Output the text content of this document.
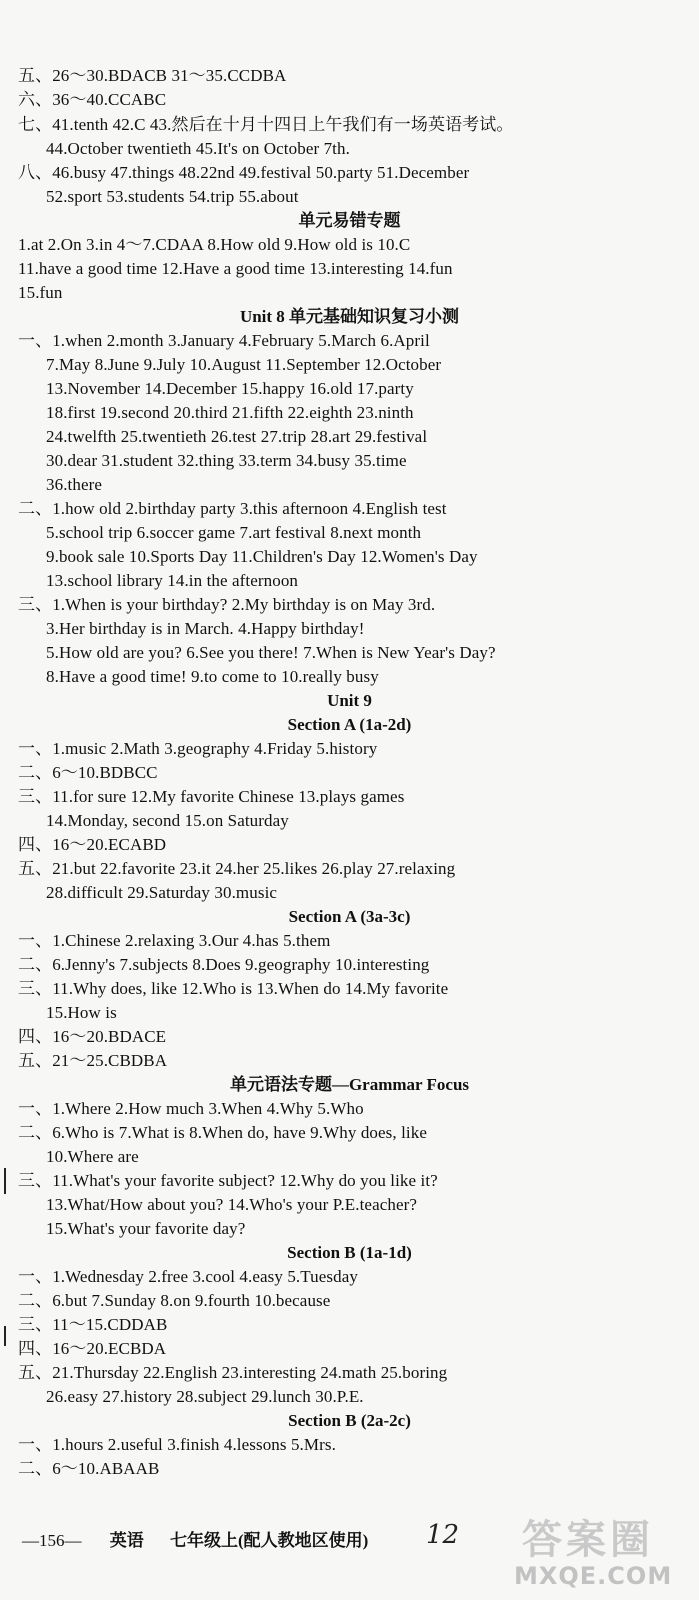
五、26～30.BDACB 31～35.CCDBA
六、36～40.CCABC
七、41.tenth 42.C 43.然后在十月十四日上午我们有一场英语考试。
44.October twentieth 45.It's on October 7th.
八、46.busy 47.things 48.22nd 49.festival 50.party 51.December
52.sport 53.students 54.trip 55.about
单元易错专题
1.at 2.On 3.in 4～7.CDAA 8.How old 9.How old is 10.C
11.have a good time 12.Have a good time 13.interesting 14.fun
15.fun
Unit 8 单元基础知识复习小测
一、1.when 2.month 3.January 4.February 5.March 6.April
7.May 8.June 9.July 10.August 11.September 12.October
13.November 14.December 15.happy 16.old 17.party
18.first 19.second 20.third 21.fifth 22.eighth 23.ninth
24.twelfth 25.twentieth 26.test 27.trip 28.art 29.festival
30.dear 31.student 32.thing 33.term 34.busy 35.time
36.there
二、1.how old 2.birthday party 3.this afternoon 4.English test
5.school trip 6.soccer game 7.art festival 8.next month
9.book sale 10.Sports Day 11.Children's Day 12.Women's Day
13.school library 14.in the afternoon
三、1.When is your birthday? 2.My birthday is on May 3rd.
3.Her birthday is in March. 4.Happy birthday!
5.How old are you? 6.See you there! 7.When is New Year's Day?
8.Have a good time! 9.to come to 10.really busy
Unit 9
Section A (1a-2d)
一、1.music 2.Math 3.geography 4.Friday 5.history
二、6～10.BDBCC
三、11.for sure 12.My favorite Chinese 13.plays games
14.Monday, second 15.on Saturday
四、16～20.ECABD
五、21.but 22.favorite 23.it 24.her 25.likes 26.play 27.relaxing
28.difficult 29.Saturday 30.music
Section A (3a-3c)
一、1.Chinese 2.relaxing 3.Our 4.has 5.them
二、6.Jenny's 7.subjects 8.Does 9.geography 10.interesting
三、11.Why does, like 12.Who is 13.When do 14.My favorite
15.How is
四、16～20.BDACE
五、21～25.CBDBA
单元语法专题—Grammar Focus
一、1.Where 2.How much 3.When 4.Why 5.Who
二、6.Who is 7.What is 8.When do, have 9.Why does, like
10.Where are
三、11.What's your favorite subject? 12.Why do you like it?
13.What/How about you? 14.Who's your P.E.teacher?
15.What's your favorite day?
Section B (1a-1d)
一、1.Wednesday 2.free 3.cool 4.easy 5.Tuesday
二、6.but 7.Sunday 8.on 9.fourth 10.because
三、11～15.CDDAB
四、16～20.ECBDA
五、21.Thursday 22.English 23.interesting 24.math 25.boring
26.easy 27.history 28.subject 29.lunch 30.P.E.
Section B (2a-2c)
一、1.hours 2.useful 3.finish 4.lessons 5.Mrs.
二、6～10.ABAAB
—156— 英语 七年级上(配人教地区使用) 12 答案圈
MXQE.COM
